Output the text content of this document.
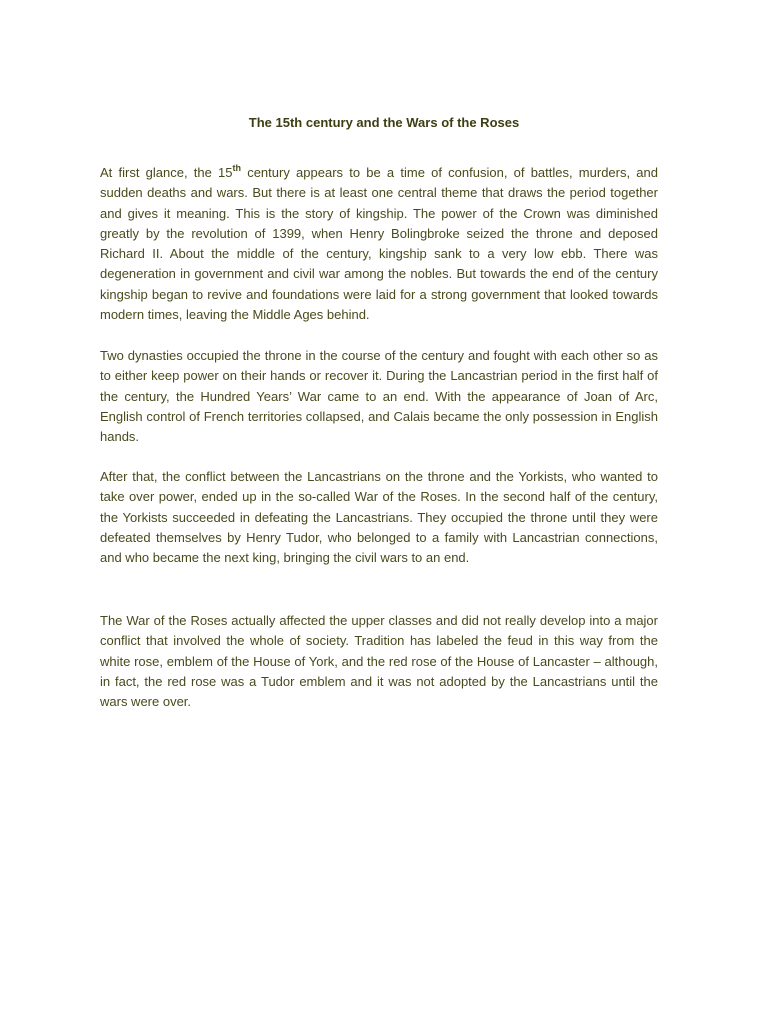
The 15th century and the Wars of the Roses

At first glance, the 15th century appears to be a time of confusion, of battles, murders, and sudden deaths and wars. But there is at least one central theme that draws the period together and gives it meaning. This is the story of kingship. The power of the Crown was diminished greatly by the revolution of 1399, when Henry Bolingbroke seized the throne and deposed Richard II. About the middle of the century, kingship sank to a very low ebb. There was degeneration in government and civil war among the nobles. But towards the end of the century kingship began to revive and foundations were laid for a strong government that looked towards modern times, leaving the Middle Ages behind.

Two dynasties occupied the throne in the course of the century and fought with each other so as to either keep power on their hands or recover it. During the Lancastrian period in the first half of the century, the Hundred Years’ War came to an end. With the appearance of Joan of Arc, English control of French territories collapsed, and Calais became the only possession in English hands.

After that, the conflict between the Lancastrians on the throne and the Yorkists, who wanted to take over power, ended up in the so-called War of the Roses. In the second half of the century, the Yorkists succeeded in defeating the Lancastrians. They occupied the throne until they were defeated themselves by Henry Tudor, who belonged to a family with Lancastrian connections, and who became the next king, bringing the civil wars to an end.

The War of the Roses actually affected the upper classes and did not really develop into a major conflict that involved the whole of society. Tradition has labeled the feud in this way from the white rose, emblem of the House of York, and the red rose of the House of Lancaster – although, in fact, the red rose was a Tudor emblem and it was not adopted by the Lancastrians until the wars were over.
